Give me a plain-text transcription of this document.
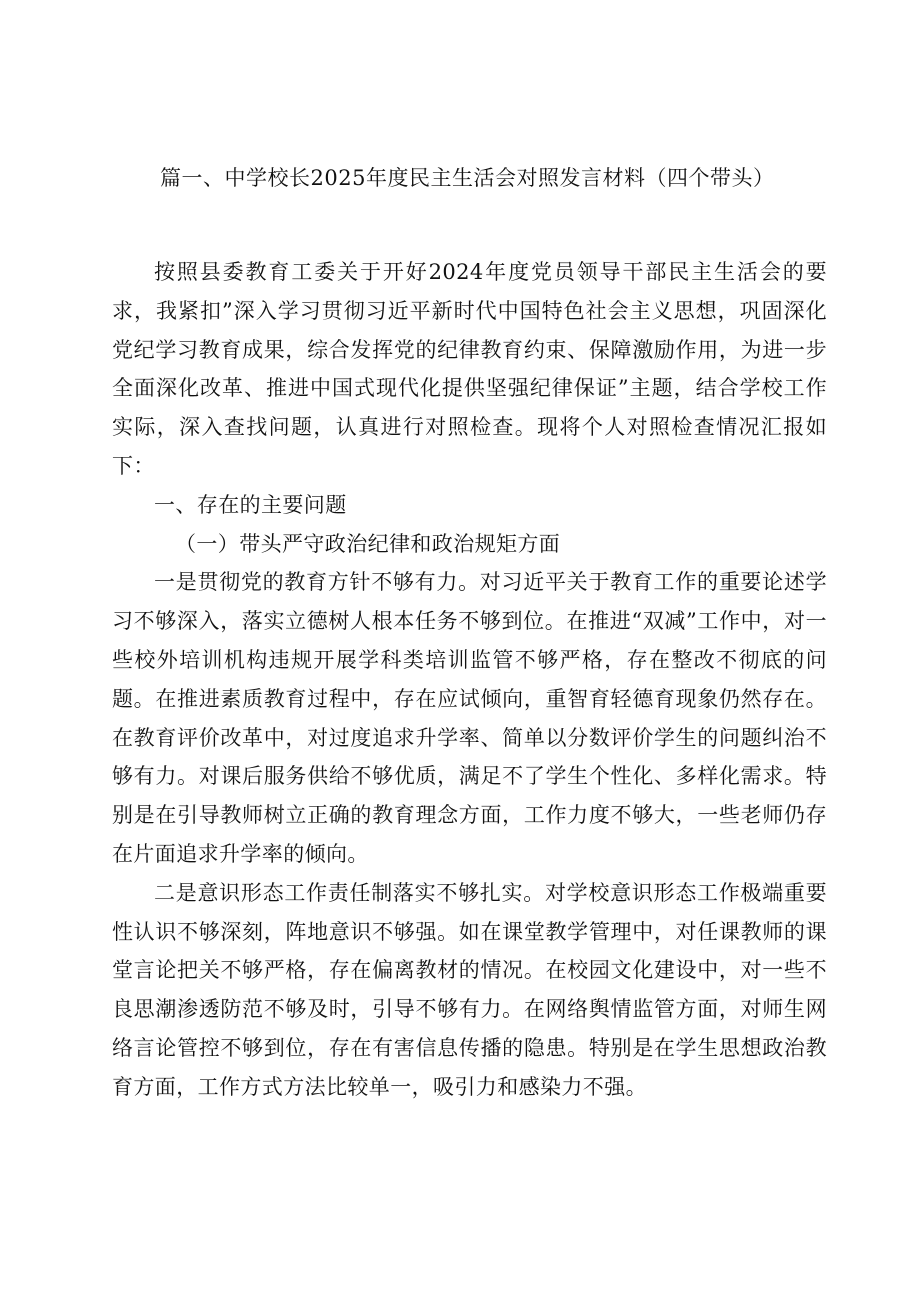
篇一、中学校长2025年度民主生活会对照发言材料（四个带头）

按照县委教育工委关于开好2024年度党员领导干部民主生活会的要求，我紧扣”深入学习贯彻习近平新时代中国特色社会主义思想，巩固深化党纪学习教育成果，综合发挥党的纪律教育约束、保障激励作用，为进一步全面深化改革、推进中国式现代化提供坚强纪律保证”主题，结合学校工作实际，深入查找问题，认真进行对照检查。现将个人对照检查情况汇报如下：

一、存在的主要问题

（一）带头严守政治纪律和政治规矩方面

一是贯彻党的教育方针不够有力。对习近平关于教育工作的重要论述学习不够深入，落实立德树人根本任务不够到位。在推进“双减”工作中，对一些校外培训机构违规开展学科类培训监管不够严格，存在整改不彻底的问题。在推进素质教育过程中，存在应试倾向，重智育轻德育现象仍然存在。在教育评价改革中，对过度追求升学率、简单以分数评价学生的问题纠治不够有力。对课后服务供给不够优质，满足不了学生个性化、多样化需求。特别是在引导教师树立正确的教育理念方面，工作力度不够大，一些老师仍存在片面追求升学率的倾向。

二是意识形态工作责任制落实不够扎实。对学校意识形态工作极端重要性认识不够深刻，阵地意识不够强。如在课堂教学管理中，对任课教师的课堂言论把关不够严格，存在偏离教材的情况。在校园文化建设中，对一些不良思潮渗透防范不够及时，引导不够有力。在网络舆情监管方面，对师生网络言论管控不够到位，存在有害信息传播的隐患。特别是在学生思想政治教育方面，工作方式方法比较单一，吸引力和感染力不强。
